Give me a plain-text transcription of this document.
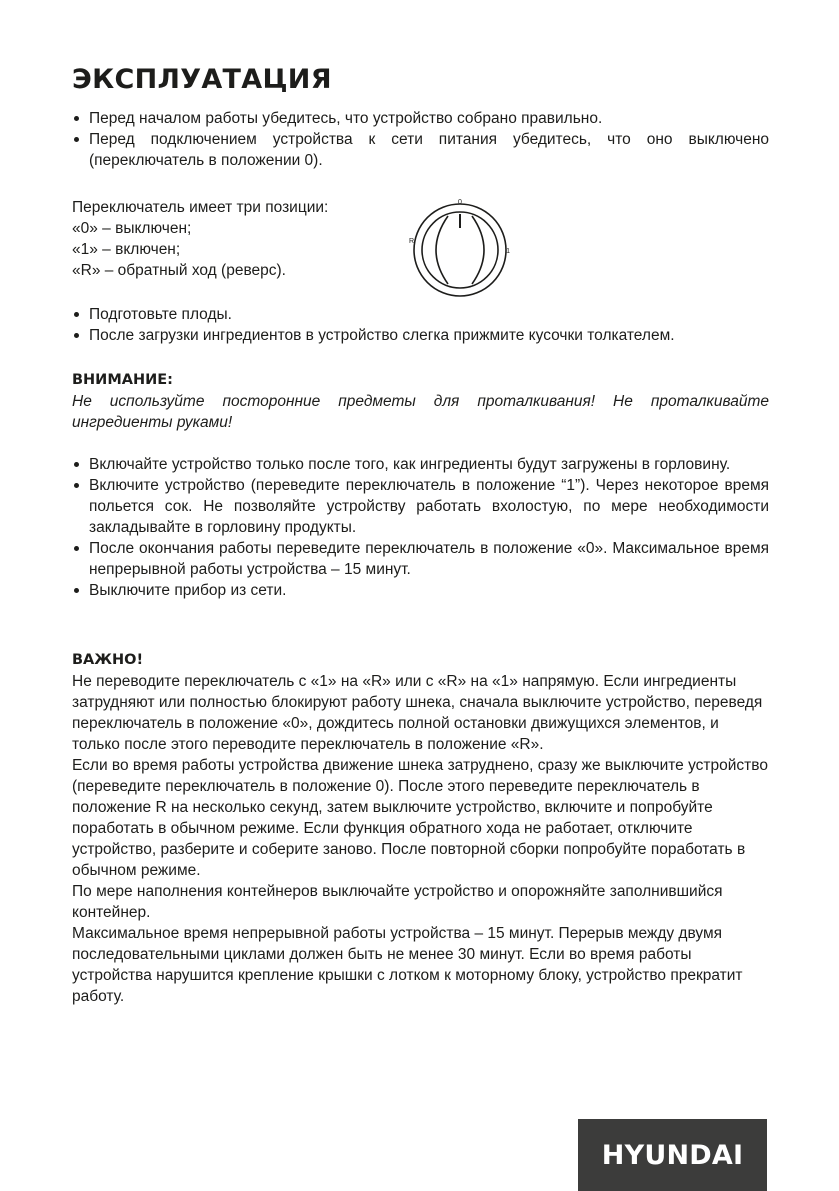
ЭКСПЛУАТАЦИЯ
Перед началом работы убедитесь, что устройство собрано правильно.
Перед подключением устройства к сети питания убедитесь, что оно выключено (переключатель в положении 0).

Переключатель имеет три позиции:

«0» – выключен;

«1» – включен;

«R» – обратный ход (реверс).

0
1
R
Подготовьте плоды.
После загрузки ингредиентов в устройство слегка прижмите кусочки толкателем.

ВНИМАНИЕ:

Не используйте посторонние предметы для проталкивания! Не проталкивайте ингредиенты руками!

Включайте устройство только после того, как ингредиенты будут загружены в горловину.
Включите устройство (переведите переключатель в положение “1”). Через некоторое время польется сок. Не позволяйте устройству работать вхолостую, по мере необходимости закладывайте в горловину продукты.
После окончания работы переведите переключатель в положение «0». Максимальное время непрерывной работы устройства – 15 минут.
Выключите прибор из сети.

ВАЖНО!

Не переводите переключатель с «1» на «R» или с «R» на «1» напрямую. Если ингредиенты затрудняют или полностью блокируют работу шнека, сначала выключите устройство, переведя переключатель в положение «0», дождитесь полной остановки движущихся элементов, и только после этого переводите переключатель в положение «R».

Если во время работы устройства движение шнека затруднено, сразу же выключите устройство (переведите переключатель в положение 0). После этого переведите переключатель в положение R на несколько секунд, затем выключите устройство, включите и попробуйте поработать в обычном режиме. Если функция обратного хода не работает, отключите устройство, разберите и соберите заново. После повторной сборки попробуйте поработать в обычном режиме.

По мере наполнения контейнеров выключайте устройство и опорожняйте заполнившийся контейнер.

Максимальное время непрерывной работы устройства – 15 минут. Перерыв между двумя последовательными циклами должен быть не менее 30 минут. Если во время работы устройства нарушится крепление крышки с лотком к моторному блоку, устройство прекратит работу.

HYUNDAI
